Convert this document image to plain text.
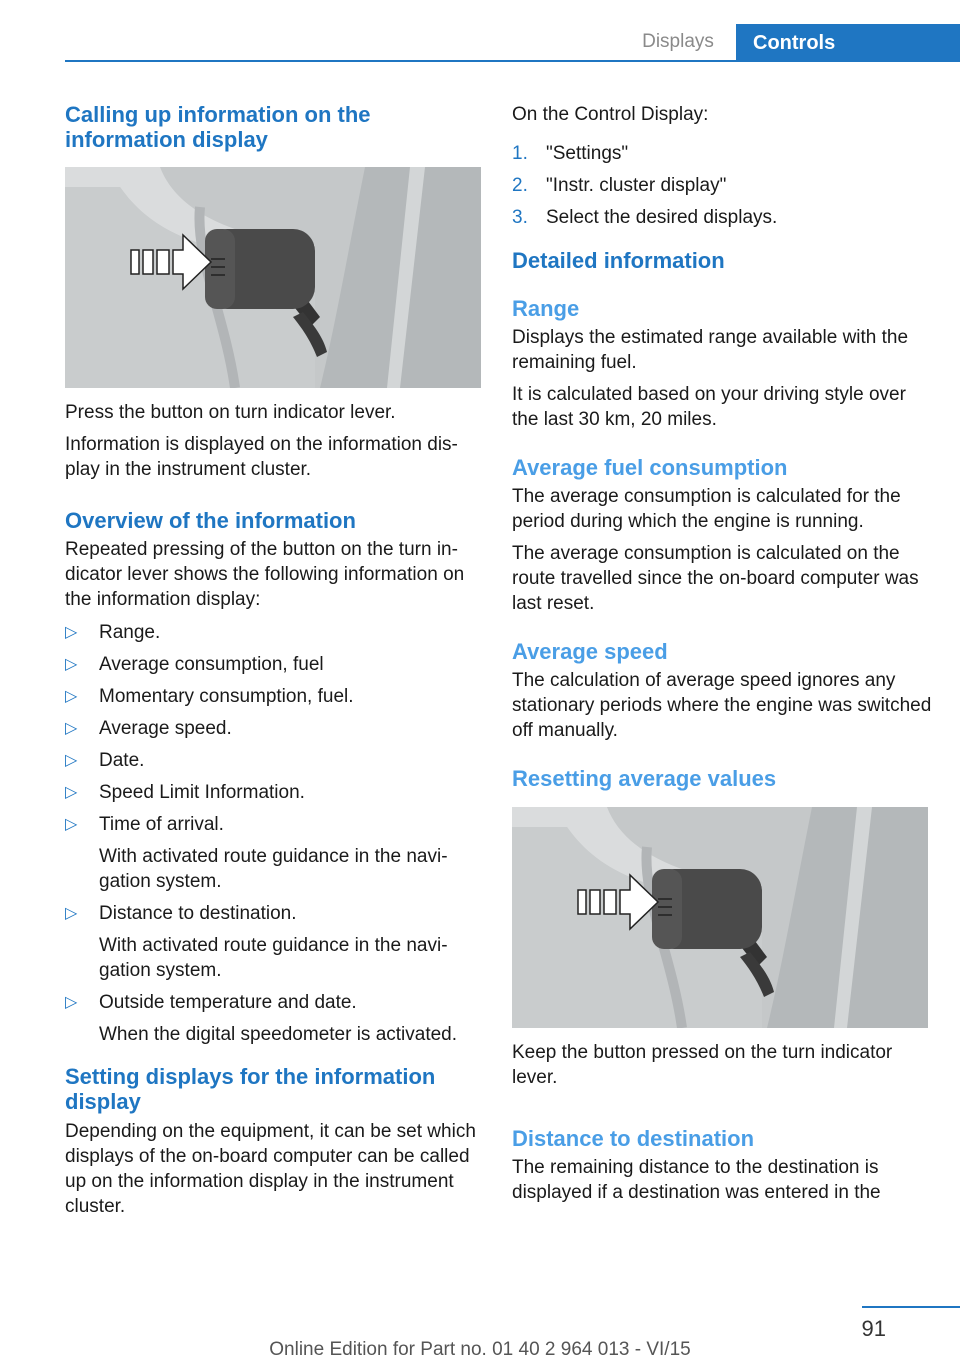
Displays	Controls
Calling up information on the information display

Press the button on turn indicator lever.

Information is displayed on the information dis‐play in the instrument cluster.

Overview of the information

Repeated pressing of the button on the turn in‐dicator lever shows the following information on the information display:

▷ Range.
▷ Average consumption, fuel
▷ Momentary consumption, fuel.
▷ Average speed.
▷ Date.
▷ Speed Limit Information.
▷ Time of arrival.
With activated route guidance in the navi‐gation system.
▷ Distance to destination.
With activated route guidance in the navi‐gation system.
▷ Outside temperature and date.
When the digital speedometer is activated.
Setting displays for the information display

Depending on the equipment, it can be set which displays of the on-board computer can be called up on the information display in the instrument cluster.

On the Control Display:

1. "Settings"
2. "Instr. cluster display"
3. Select the desired displays.
Detailed information
Range

Displays the estimated range available with the remaining fuel.

It is calculated based on your driving style over the last 30 km, 20 miles.

Average fuel consumption

The average consumption is calculated for the period during which the engine is running.

The average consumption is calculated on the route travelled since the on-board computer was last reset.

Average speed

The calculation of average speed ignores any stationary periods where the engine was switched off manually.

Resetting average values

Keep the button pressed on the turn indicator lever.

Distance to destination

The remaining distance to the destination is displayed if a destination was entered in the

91
Online Edition for Part no. 01 40 2 964 013 - VI/15
